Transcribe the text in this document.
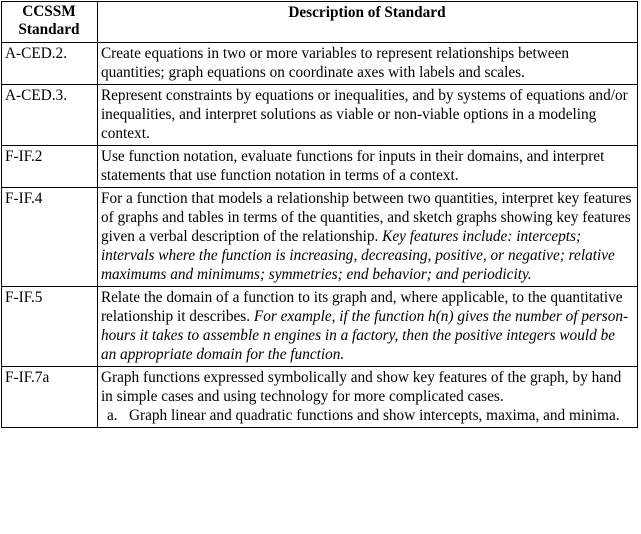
CCSSM
Standard	Description of Standard
A-CED.2.	Create equations in two or more variables to represent relationships between quantities; graph equations on coordinate axes with labels and scales.
A-CED.3.	Represent constraints by equations or inequalities, and by systems of equations and/or inequalities, and interpret solutions as viable or non-viable options in a modeling context.
F-IF.2	Use function notation, evaluate functions for inputs in their domains, and interpret statements that use function notation in terms of a context.
F-IF.4	For a function that models a relationship between two quantities, interpret key features of graphs and tables in terms of the quantities, and sketch graphs showing key features given a verbal description of the relationship. Key features include: intercepts; intervals where the function is increasing, decreasing, positive, or negative; relative maximums and minimums; symmetries; end behavior; and periodicity.
F-IF.5	Relate the domain of a function to its graph and, where applicable, to the quantitative relationship it describes. For example, if the function h(n) gives the number of person-hours it takes to assemble n engines in a factory, then the positive integers would be an appropriate domain for the function.
F-IF.7a	Graph functions expressed symbolically and show key features of the graph, by hand in simple cases and using technology for more complicated cases.
a. Graph linear and quadratic functions and show intercepts, maxima, and minima.
